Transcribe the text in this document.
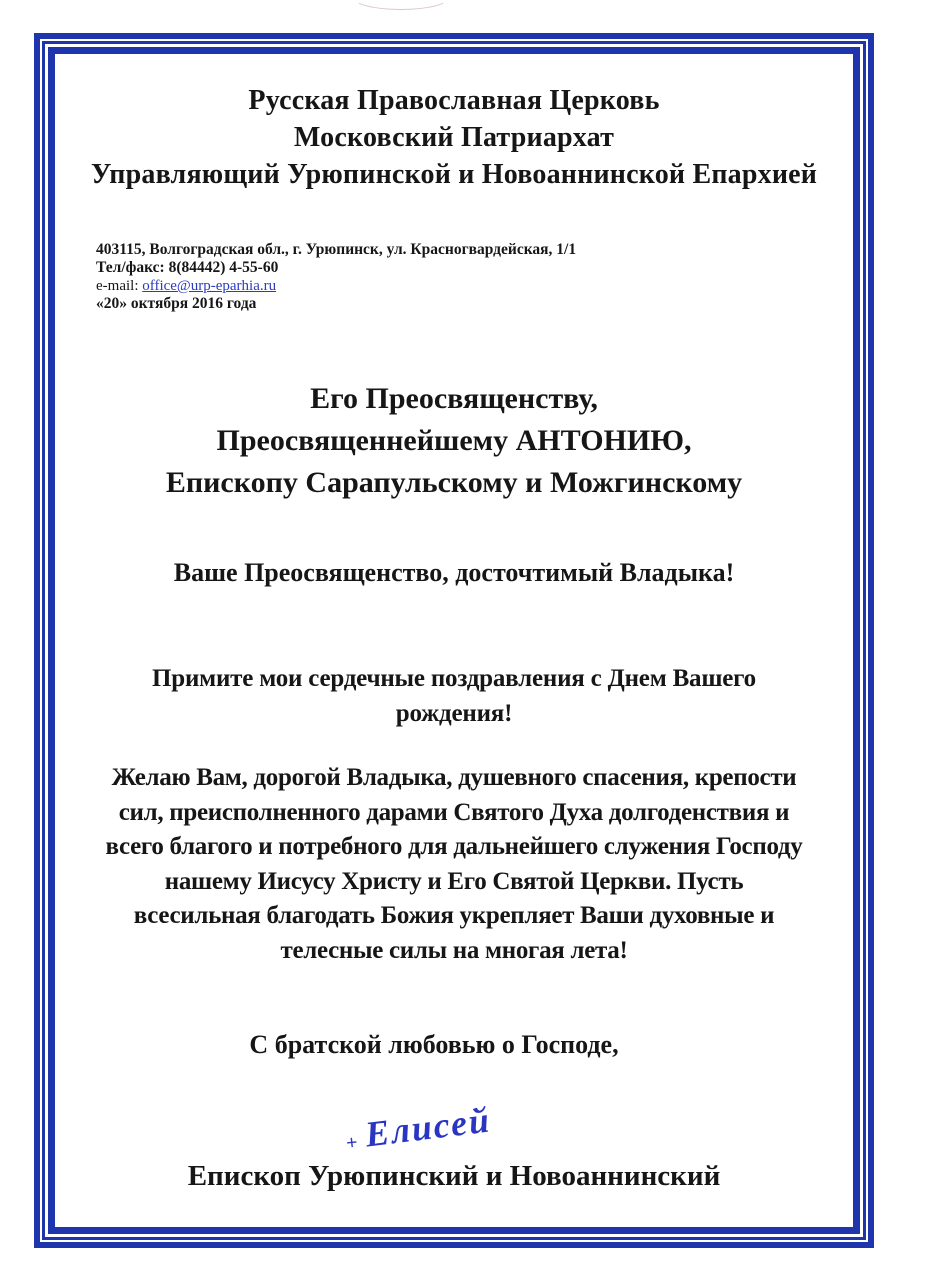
Русская Православная Церковь
Московский Патриархат
Управляющий Урюпинской и Новоаннинской Епархией
403115, Волгоградская обл., г. Урюпинск, ул. Красногвардейская, 1/1
Тел/факс: 8(84442) 4-55-60
e-mail: office@urp-eparhia.ru
«20» октября 2016 года
Его Преосвященству,
Преосвященнейшему АНТОНИЮ,
Епископу Сарапульскому и Можгинскому
Ваше Преосвященство, досточтимый Владыка!
Примите мои сердечные поздравления с Днем Вашего
рождения!
Желаю Вам, дорогой Владыка, душевного спасения, крепости
сил, преисполненного дарами Святого Духа долгоденствия и
всего благого и потребного для дальнейшего служения Господу
нашему Иисусу Христу и Его Святой Церкви. Пусть
всесильная благодать Божия укрепляет Ваши духовные и
телесные силы на многая лета!
С братской любовью о Господе,
+ Елисей
Епископ Урюпинский и Новоаннинский
